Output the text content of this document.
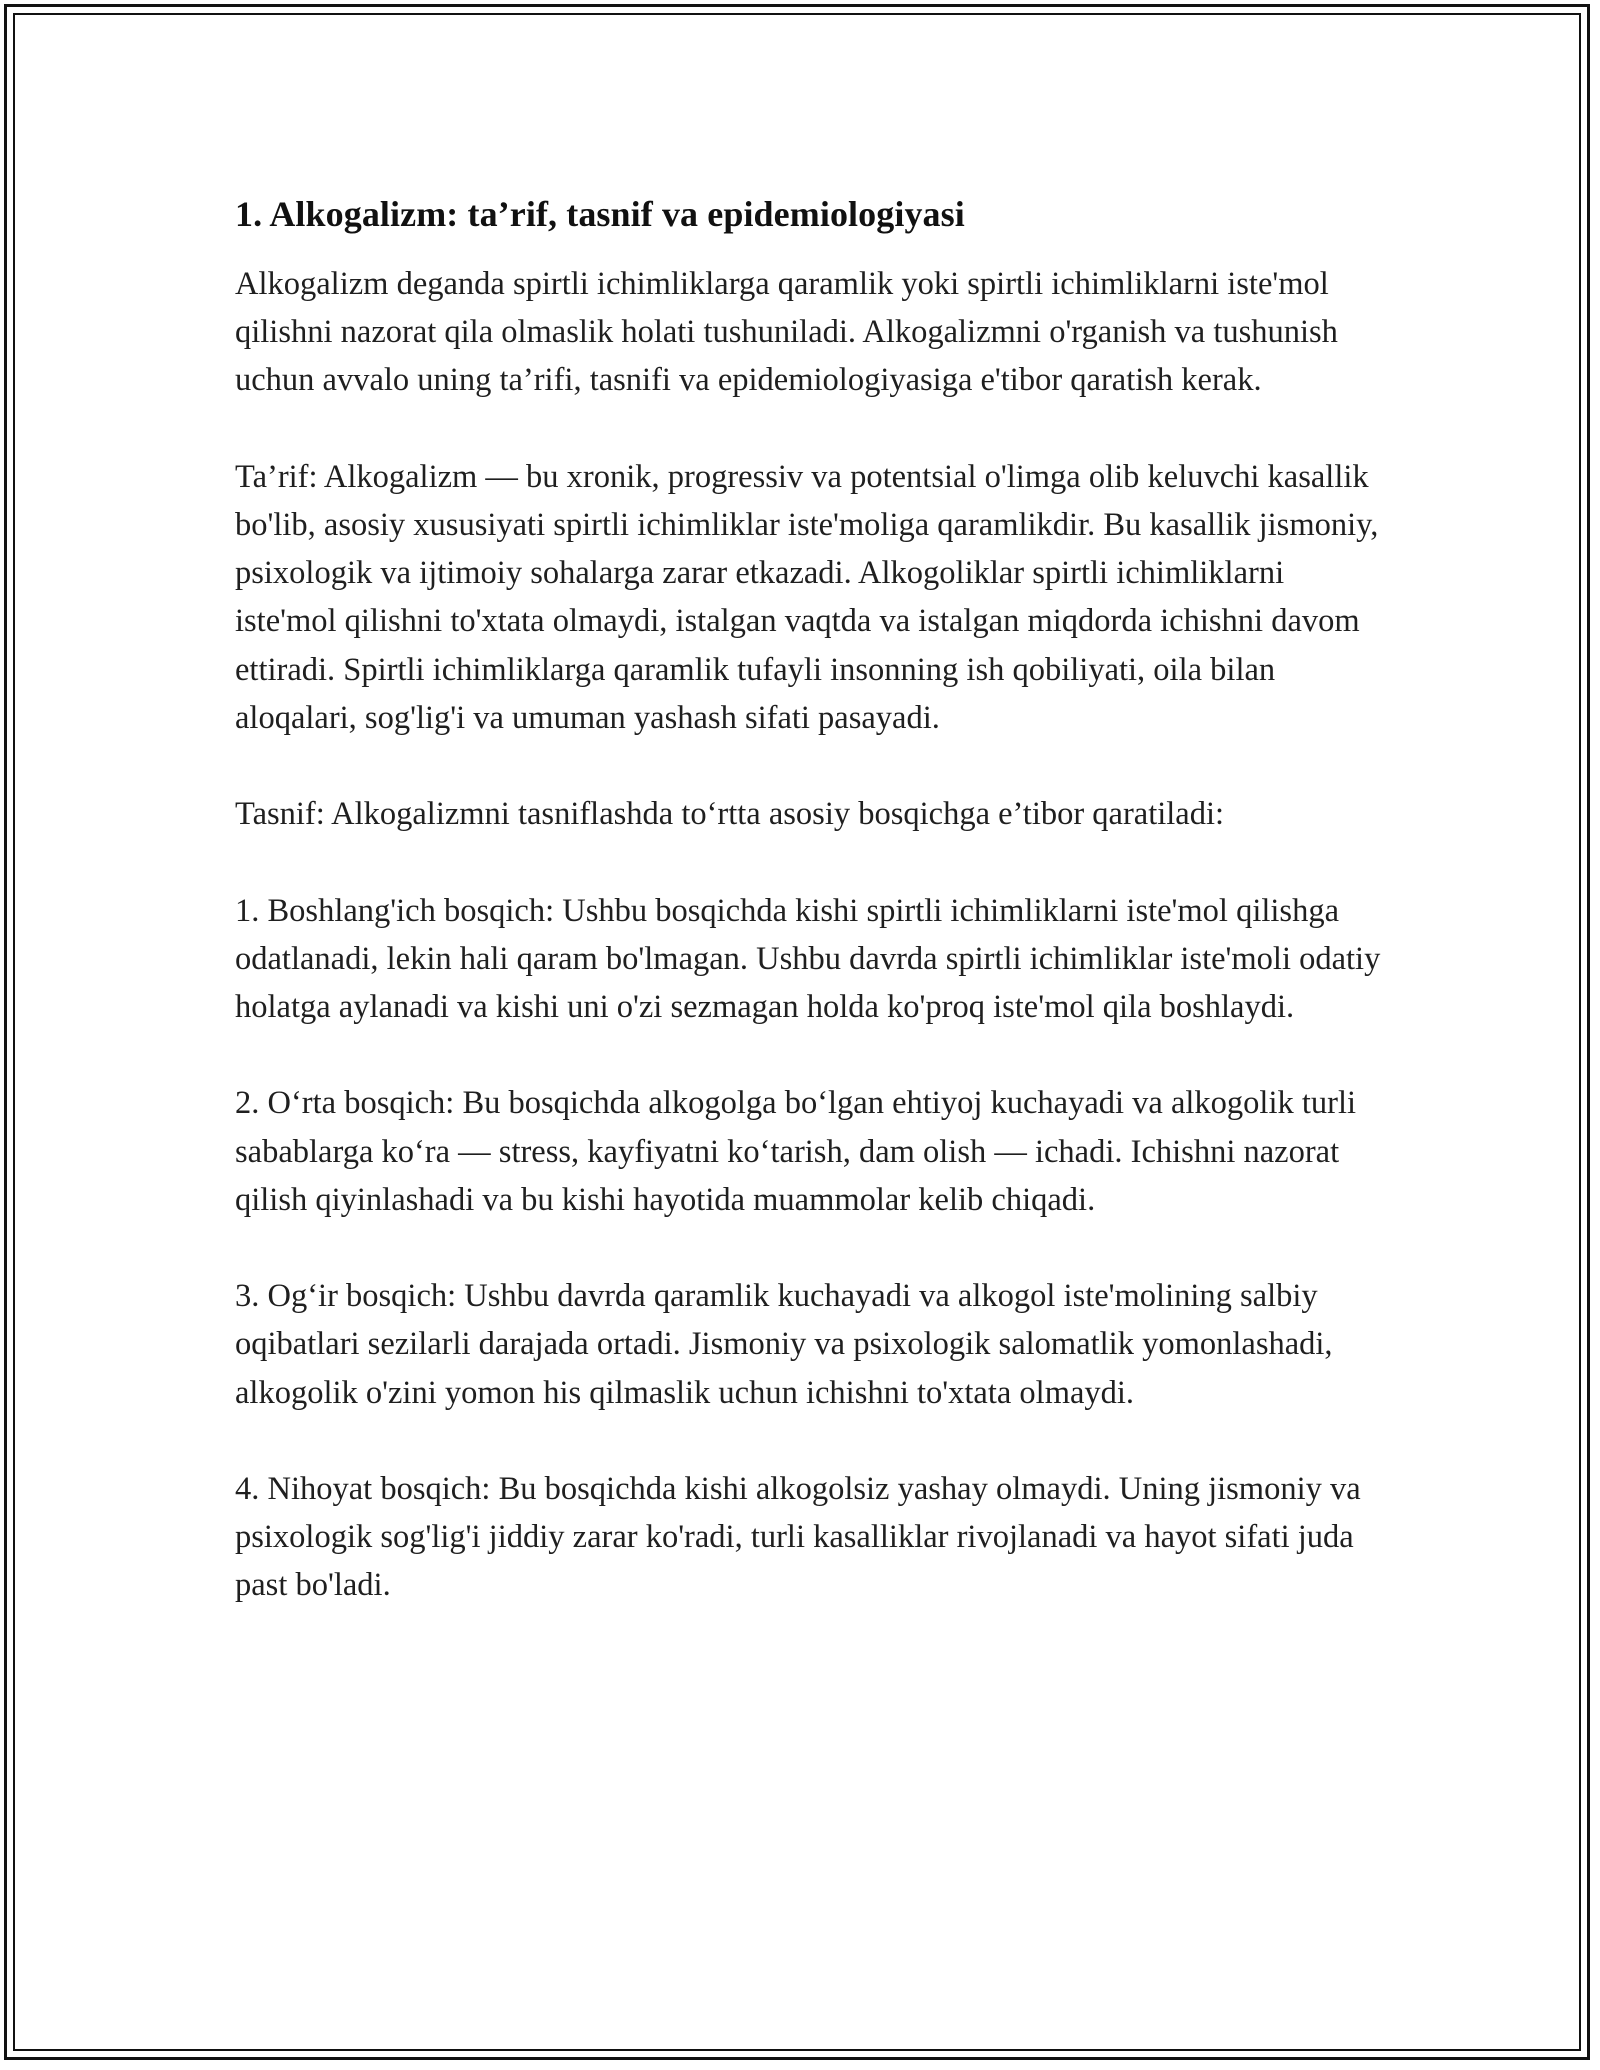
1. Alkogalizm: ta’rif, tasnif va epidemiologiyasi

Alkogalizm deganda spirtli ichimliklarga qaramlik yoki spirtli ichimliklarni iste'mol qilishni nazorat qila olmaslik holati tushuniladi. Alkogalizmni o'rganish va tushunish uchun avvalo uning ta’rifi, tasnifi va epidemiologiyasiga e'tibor qaratish kerak.

Ta’rif: Alkogalizm — bu xronik, progressiv va potentsial o'limga olib keluvchi kasallik bo'lib, asosiy xususiyati spirtli ichimliklar iste'moliga qaramlikdir. Bu kasallik jismoniy, psixologik va ijtimoiy sohalarga zarar etkazadi. Alkogoliklar spirtli ichimliklarni iste'mol qilishni to'xtata olmaydi, istalgan vaqtda va istalgan miqdorda ichishni davom ettiradi. Spirtli ichimliklarga qaramlik tufayli insonning ish qobiliyati, oila bilan aloqalari, sog'lig'i va umuman yashash sifati pasayadi.

Tasnif: Alkogalizmni tasniflashda to‘rtta asosiy bosqichga e’tibor qaratiladi:

1. Boshlang'ich bosqich: Ushbu bosqichda kishi spirtli ichimliklarni iste'mol qilishga odatlanadi, lekin hali qaram bo'lmagan. Ushbu davrda spirtli ichimliklar iste'moli odatiy holatga aylanadi va kishi uni o'zi sezmagan holda ko'proq iste'mol qila boshlaydi.

2. O‘rta bosqich: Bu bosqichda alkogolga bo‘lgan ehtiyoj kuchayadi va alkogolik turli sabablarga ko‘ra — stress, kayfiyatni ko‘tarish, dam olish — ichadi. Ichishni nazorat qilish qiyinlashadi va bu kishi hayotida muammolar kelib chiqadi.

3. Og‘ir bosqich: Ushbu davrda qaramlik kuchayadi va alkogol iste'molining salbiy oqibatlari sezilarli darajada ortadi. Jismoniy va psixologik salomatlik yomonlashadi, alkogolik o'zini yomon his qilmaslik uchun ichishni to'xtata olmaydi.

4. Nihoyat bosqich: Bu bosqichda kishi alkogolsiz yashay olmaydi. Uning jismoniy va psixologik sog'lig'i jiddiy zarar ko'radi, turli kasalliklar rivojlanadi va hayot sifati juda past bo'ladi.
